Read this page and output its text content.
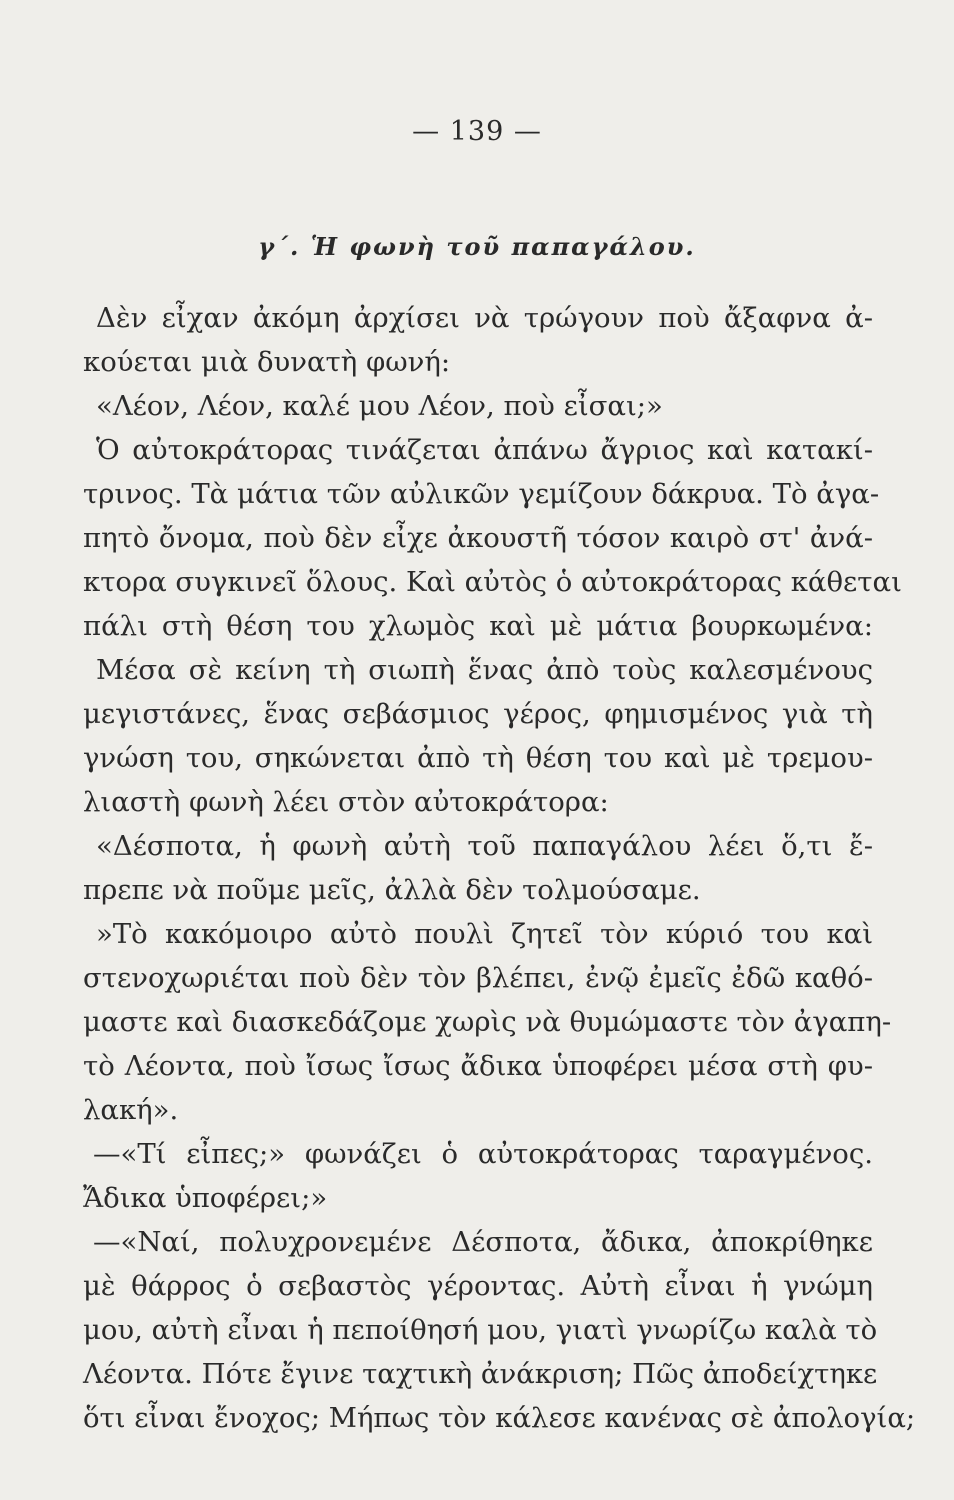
— 139 —
γ΄. Ἡ φωνὴ τοῦ παπαγάλου.
Δὲν εἶχαν ἀκόμη ἀρχίσει νὰ τρώγουν ποὺ ἄξαφνα ἀ-
κούεται μιὰ δυνατὴ φωνή:
«Λέον, Λέον, καλέ μου Λέον, ποὺ εἶσαι;»
Ὁ αὐτοκράτορας τινάζεται ἀπάνω ἄγριος καὶ κατακί-
τρινος. Τὰ μάτια τῶν αὐλικῶν γεμίζουν δάκρυα. Τὸ ἀγα-
πητὸ ὄνομα, ποὺ δὲν εἶχε ἀκουστῆ τόσον καιρὸ στ' ἀνά-
κτορα συγκινεῖ ὅλους. Καὶ αὐτὸς ὁ αὐτοκράτορας κάθεται
πάλι στὴ θέση του χλωμὸς καὶ μὲ μάτια βουρκωμένα:
Μέσα σὲ κείνη τὴ σιωπὴ ἕνας ἀπὸ τοὺς καλεσμένους
μεγιστάνες, ἕνας σεβάσμιος γέρος, φημισμένος γιὰ τὴ
γνώση του, σηκώνεται ἀπὸ τὴ θέση του καὶ μὲ τρεμου-
λιαστὴ φωνὴ λέει στὸν αὐτοκράτορα:
«Δέσποτα, ἡ φωνὴ αὐτὴ τοῦ παπαγάλου λέει ὅ,τι ἔ-
πρεπε νὰ ποῦμε μεῖς, ἀλλὰ δὲν τολμούσαμε.
»Τὸ κακόμοιρο αὐτὸ πουλὶ ζητεῖ τὸν κύριό του καὶ
στενοχωριέται ποὺ δὲν τὸν βλέπει, ἐνῷ ἐμεῖς ἐδῶ καθό-
μαστε καὶ διασκεδάζομε χωρὶς νὰ θυμώμαστε τὸν ἀγαπη-
τὸ Λέοντα, ποὺ ἴσως ἴσως ἄδικα ὑποφέρει μέσα στὴ φυ-
λακή».
—«Τί εἶπες;» φωνάζει ὁ αὐτοκράτορας ταραγμένος.
Ἄδικα ὑποφέρει;»
—«Ναί, πολυχρονεμένε Δέσποτα, ἄδικα, ἀποκρίθηκε
μὲ θάρρος ὁ σεβαστὸς γέροντας. Αὐτὴ εἶναι ἡ γνώμη
μου, αὐτὴ εἶναι ἡ πεποίθησή μου, γιατὶ γνωρίζω καλὰ τὸ
Λέοντα. Πότε ἔγινε ταχτικὴ ἀνάκριση; Πῶς ἀποδείχτηκε
ὅτι εἶναι ἔνοχος; Μήπως τὸν κάλεσε κανένας σὲ ἀπολογία;
